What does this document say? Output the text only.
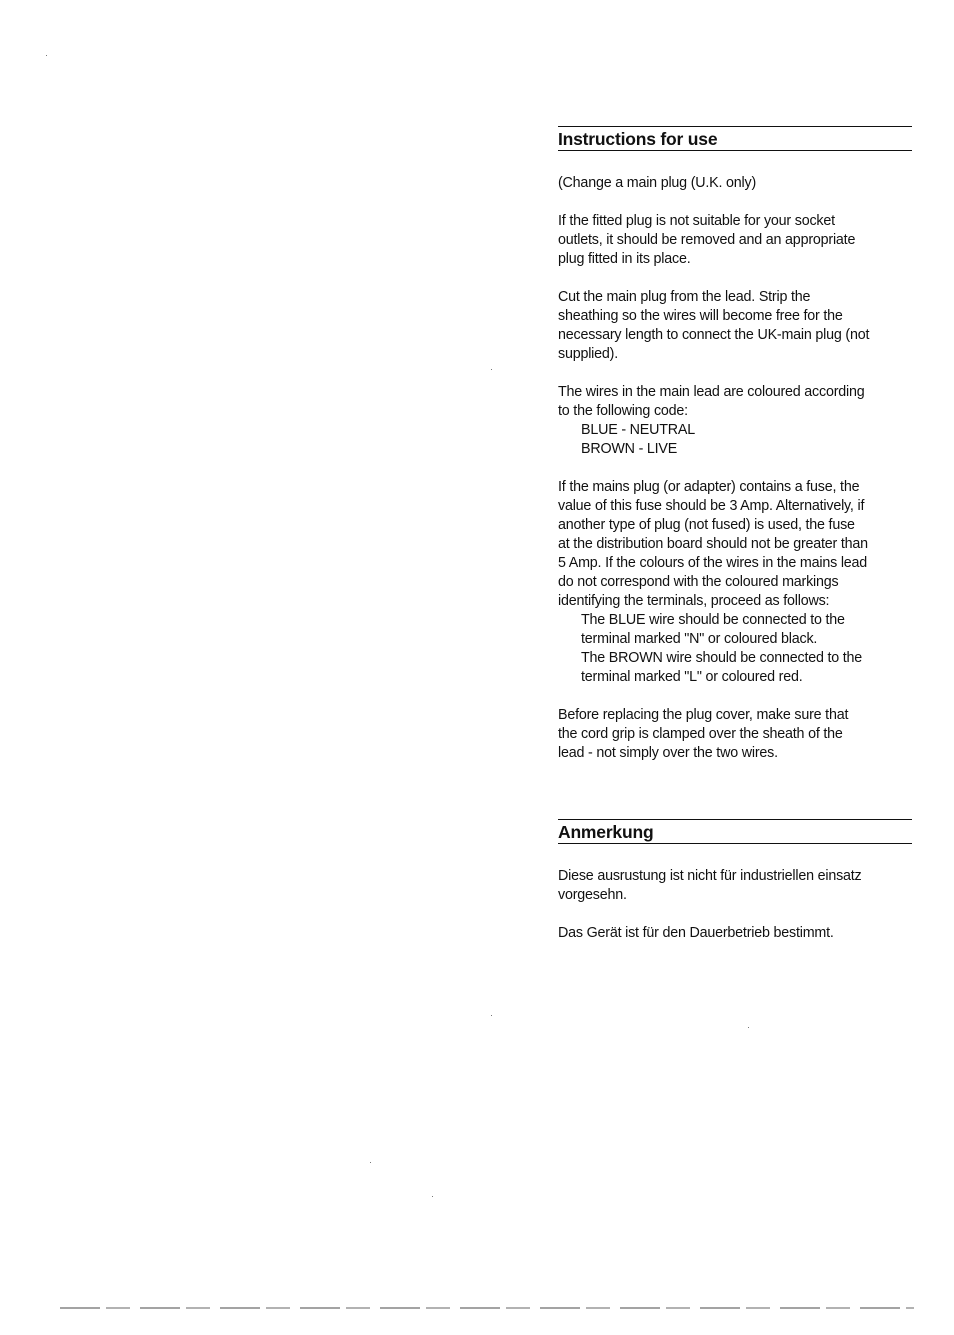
Instructions for use

(Change a main plug (U.K. only)

If the fitted plug is not suitable for your socket
outlets, it should be removed and an appropriate
plug fitted in its place.

Cut the main plug from the lead. Strip the
sheathing so the wires will become free for the
necessary length to connect the UK-main plug (not
supplied).

The wires in the main lead are coloured according
to the following code:

BLUE - NEUTRAL
BROWN - LIVE

If the mains plug (or adapter) contains a fuse, the
value of this fuse should be 3 Amp. Alternatively, if
another type of plug (not fused) is used, the fuse
at the distribution board should not be greater than
5 Amp. If the colours of the wires in the mains lead
do not correspond with the coloured markings
identifying the terminals, proceed as follows:

The BLUE wire should be connected to the
terminal marked "N" or coloured black.
The BROWN wire should be connected to the
terminal marked "L" or coloured red.

Before replacing the plug cover, make sure that
the cord grip is clamped over the sheath of the
lead - not simply over the two wires.

Anmerkung

Diese ausrustung ist nicht für industriellen einsatz
vorgesehn.

Das Gerät ist für den Dauerbetrieb bestimmt.
